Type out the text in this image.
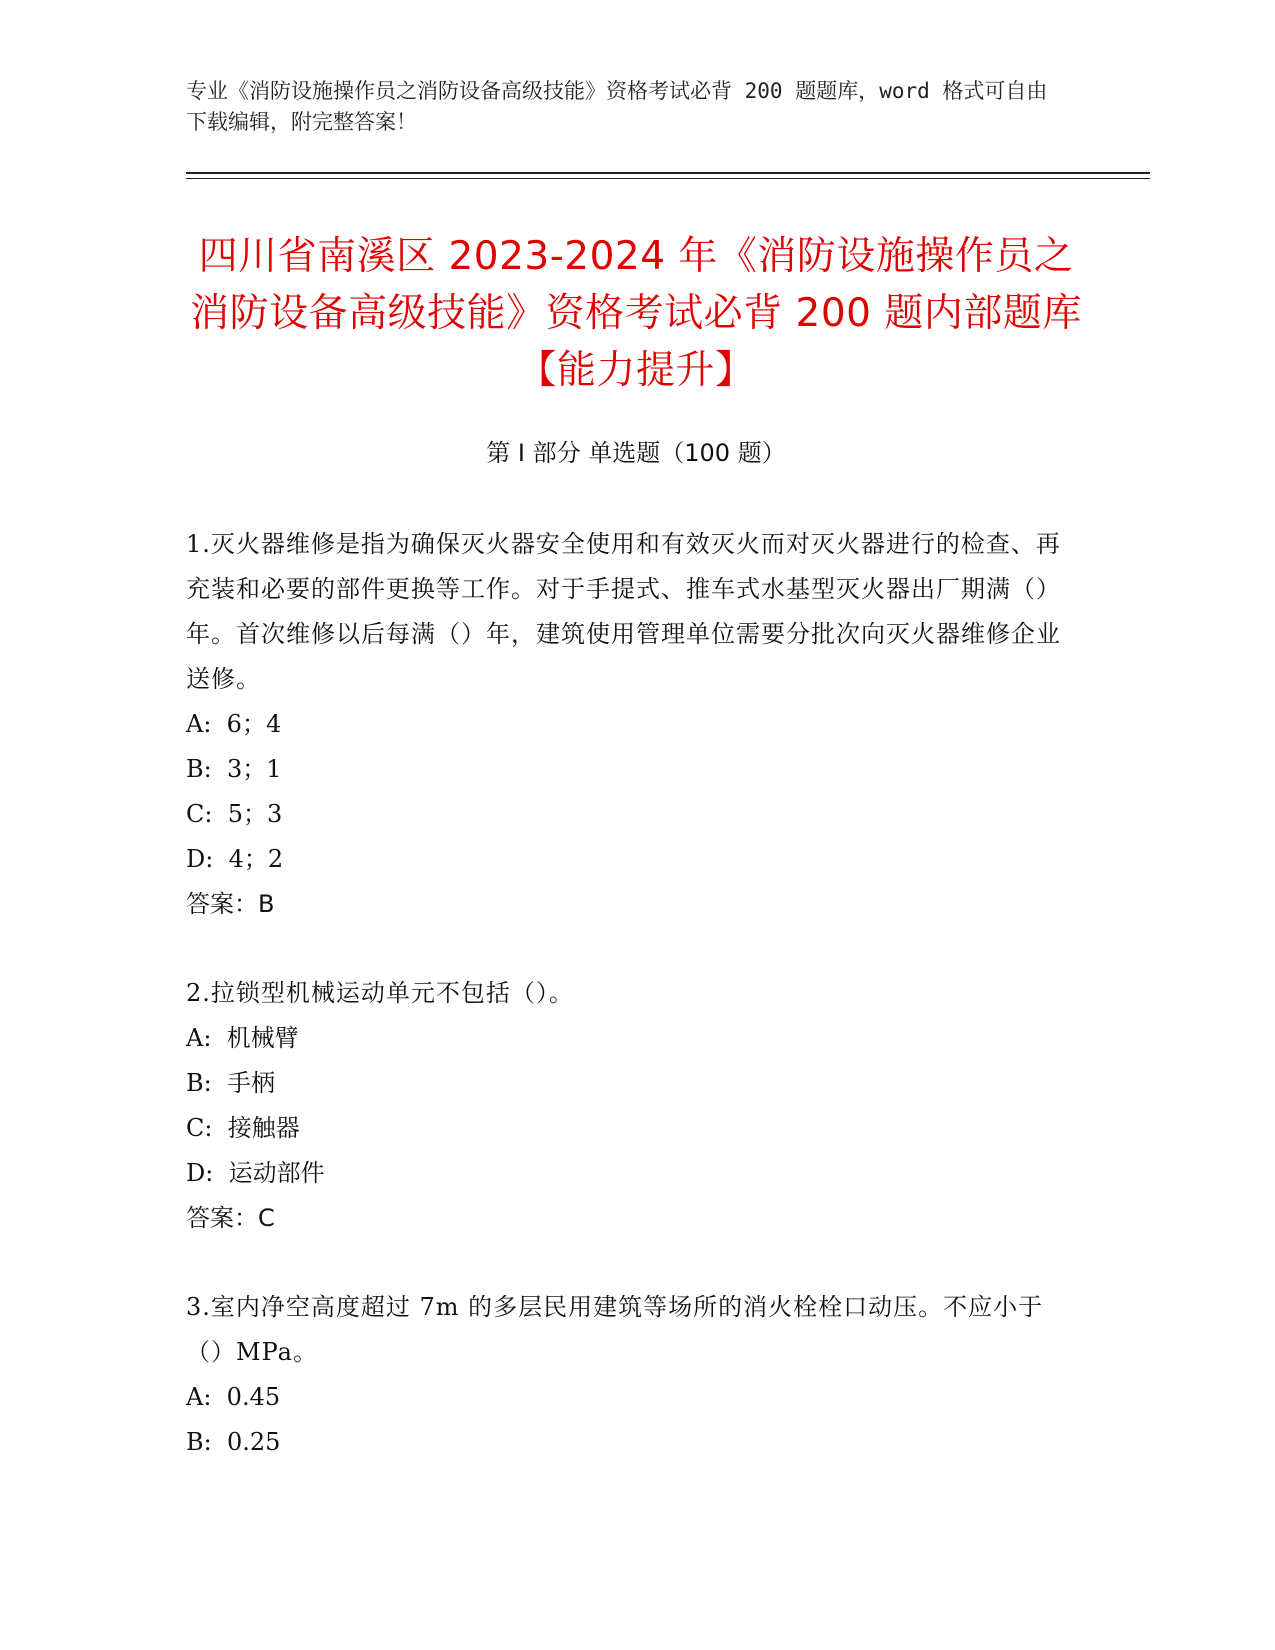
专业《消防设施操作员之消防设备高级技能》资格考试必背 200 题题库，word 格式可自由下载编辑，附完整答案！
四川省南溪区 2023-2024 年《消防设施操作员之消防设备高级技能》资格考试必背 200 题内部题库【能力提升】
第 I 部分 单选题（100 题）
1.灭火器维修是指为确保灭火器安全使用和有效灭火而对灭火器进行的检查、再充装和必要的部件更换等工作。对于手提式、推车式水基型灭火器出厂期满（）年。首次维修以后每满（）年，建筑使用管理单位需要分批次向灭火器维修企业送修。
A:  6；4
B:  3；1
C:  5；3
D:  4；2
答案：B
2.拉锁型机械运动单元不包括（）。
A:  机械臂
B:  手柄
C:  接触器
D:  运动部件
答案：C
3.室内净空高度超过 7m 的多层民用建筑等场所的消火栓栓口动压。不应小于（）MPa。
A:  0.45
B:  0.25
